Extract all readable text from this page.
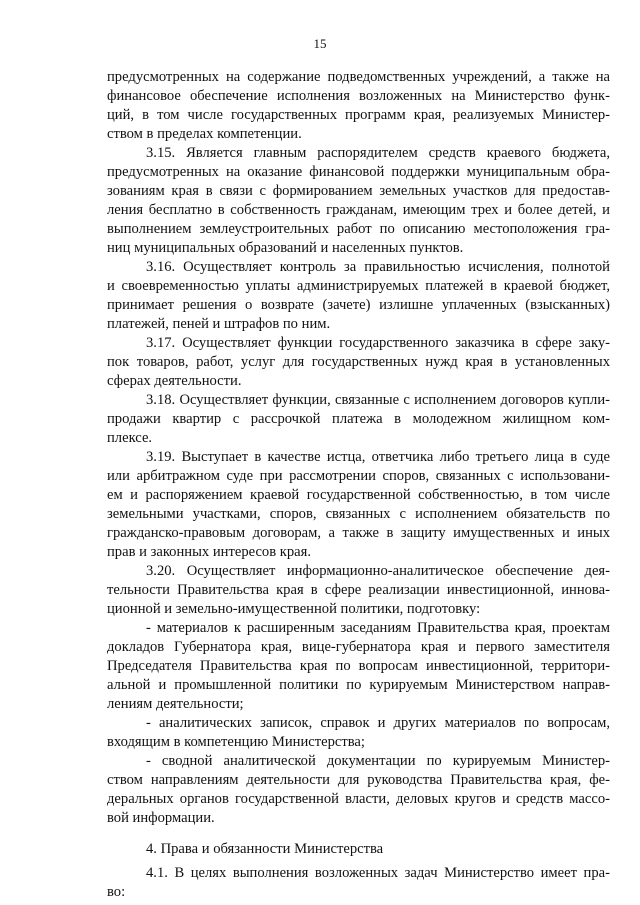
15
предусмотренных на содержание подведомственных учреждений, а также на
финансовое обеспечение исполнения возложенных на Министерство функ-
ций, в том числе государственных программ края, реализуемых Министер-
ством в пределах компетенции.
3.15. Является главным распорядителем средств краевого бюджета,
предусмотренных на оказание финансовой поддержки муниципальным обра-
зованиям края в связи с формированием земельных участков для предостав-
ления бесплатно в собственность гражданам, имеющим трех и более детей, и
выполнением землеустроительных работ по описанию местоположения гра-
ниц муниципальных образований и населенных пунктов.
3.16. Осуществляет контроль за правильностью исчисления, полнотой
и своевременностью уплаты администрируемых платежей в краевой бюджет,
принимает решения о возврате (зачете) излишне уплаченных (взысканных)
платежей, пеней и штрафов по ним.
3.17. Осуществляет функции государственного заказчика в сфере заку-
пок товаров, работ, услуг для государственных нужд края в установленных
сферах деятельности.
3.18. Осуществляет функции, связанные с исполнением договоров купли-
продажи квартир с рассрочкой платежа в молодежном жилищном ком-
плексе.
3.19. Выступает в качестве истца, ответчика либо третьего лица в суде
или арбитражном суде при рассмотрении споров, связанных с использовани-
ем и распоряжением краевой государственной собственностью, в том числе
земельными участками, споров, связанных с исполнением обязательств по
гражданско-правовым договорам, а также в защиту имущественных и иных
прав и законных интересов края.
3.20. Осуществляет информационно-аналитическое обеспечение дея-
тельности Правительства края в сфере реализации инвестиционной, иннова-
ционной и земельно-имущественной политики, подготовку:
- материалов к расширенным заседаниям Правительства края, проектам
докладов Губернатора края, вице-губернатора края и первого заместителя
Председателя Правительства края по вопросам инвестиционной, территори-
альной и промышленной политики по курируемым Министерством направ-
лениям деятельности;
- аналитических записок, справок и других материалов по вопросам,
входящим в компетенцию Министерства;
- сводной аналитической документации по курируемым Министер-
ством направлениям деятельности для руководства Правительства края, фе-
деральных органов государственной власти, деловых кругов и средств массо-
вой информации.
4. Права и обязанности Министерства
4.1. В целях выполнения возложенных задач Министерство имеет пра-
во:
